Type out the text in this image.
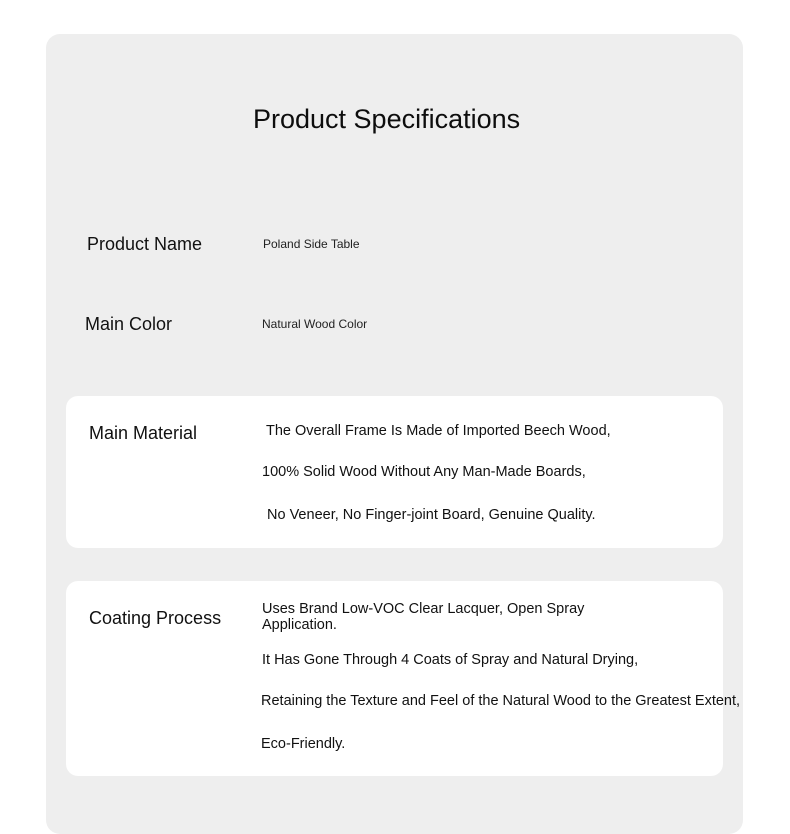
Product Specifications

Product Name	Poland Side Table

Main Color	Natural Wood Color

Main Material	The Overall Frame Is Made of Imported Beech Wood,

100% Solid Wood Without Any Man-Made Boards,

No Veneer, No Finger-joint Board, Genuine Quality.

Coating Process	Uses Brand Low-VOC Clear Lacquer, Open Spray Application.

It Has Gone Through 4 Coats of Spray and Natural Drying,

Retaining the Texture and Feel of the Natural Wood to the Greatest Extent,

Eco-Friendly.
